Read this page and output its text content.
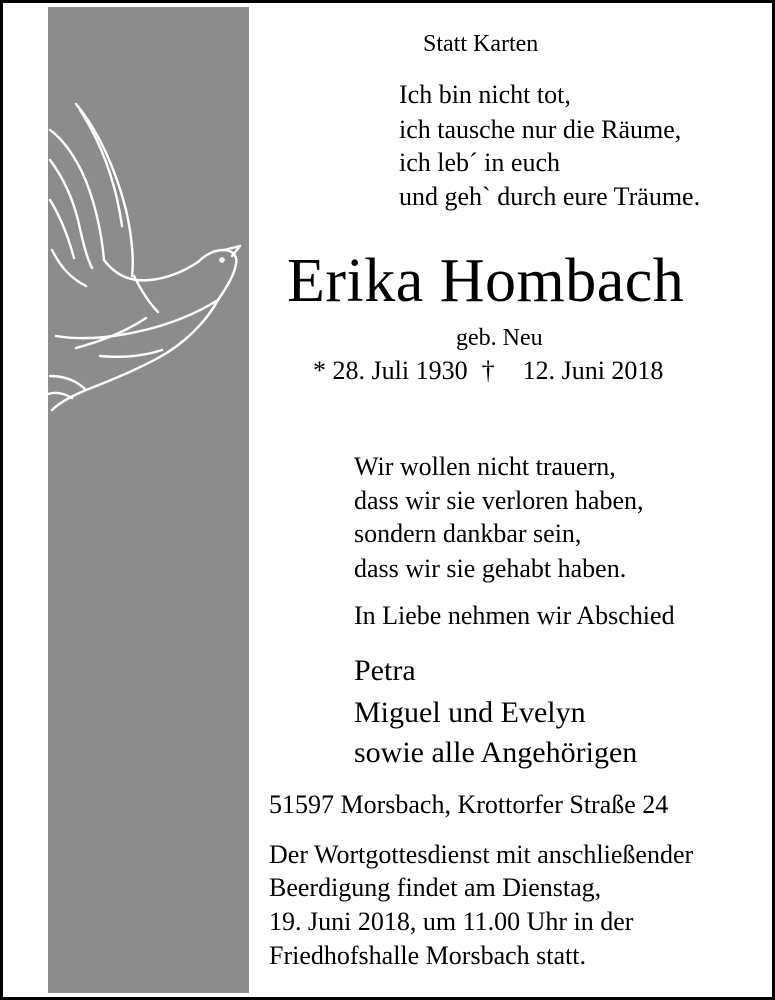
Statt Karten

Ich bin nicht tot,

ich tausche nur die Räume,

ich leb´ in euch

und geh` durch eure Träume.

Erika Hombach

geb. Neu

* 28. Juli 1930 † 12. Juni 2018

Wir wollen nicht trauern,

dass wir sie verloren haben,

sondern dankbar sein,

dass wir sie gehabt haben.

In Liebe nehmen wir Abschied

Petra

Miguel und Evelyn

sowie alle Angehörigen

51597 Morsbach, Krottorfer Straße 24

Der Wortgottesdienst mit anschließender

Beerdigung findet am Dienstag,

19. Juni 2018, um 11.00 Uhr in der

Friedhofshalle Morsbach statt.
